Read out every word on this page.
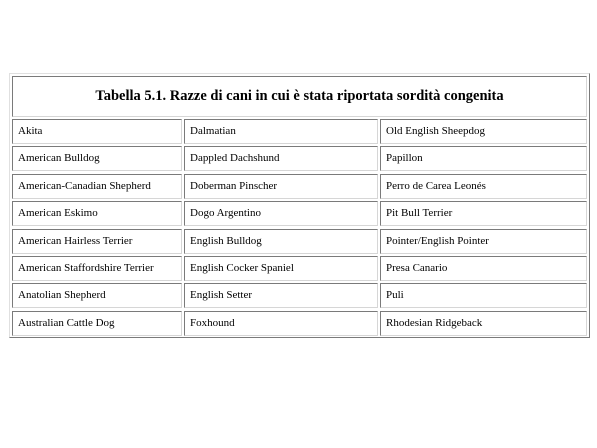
Tabella 5.1. Razze di cani in cui è stata riportata sordità congenita
Akita	Dalmatian	Old English Sheepdog
American Bulldog	Dappled Dachshund	Papillon
American-Canadian Shepherd	Doberman Pinscher	Perro de Carea Leonés
American Eskimo	Dogo Argentino	Pit Bull Terrier
American Hairless Terrier	English Bulldog	Pointer/English Pointer
American Staffordshire Terrier	English Cocker Spaniel	Presa Canario
Anatolian Shepherd	English Setter	Puli
Australian Cattle Dog	Foxhound	Rhodesian Ridgeback
